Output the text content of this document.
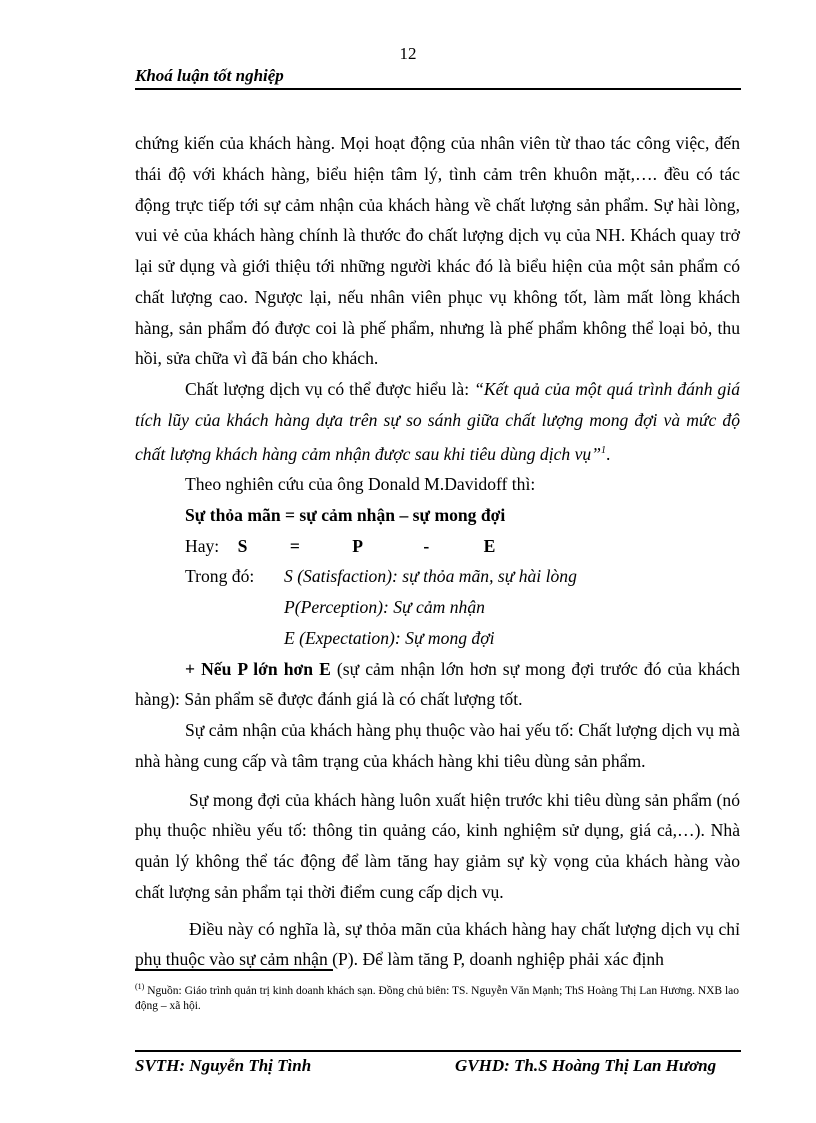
12
Khoá luận tốt nghiệp

chứng kiến của khách hàng. Mọi hoạt động của nhân viên từ thao tác công việc, đến thái độ với khách hàng, biểu hiện tâm lý, tình cảm trên khuôn mặt,…. đều có tác động trực tiếp tới sự cảm nhận của khách hàng về chất lượng sản phẩm. Sự hài lòng, vui vẻ của khách hàng chính là thước đo chất lượng dịch vụ của NH. Khách quay trở lại sử dụng và giới thiệu tới những người khác đó là biểu hiện của một sản phẩm có chất lượng cao. Ngược lại, nếu nhân viên phục vụ không tốt, làm mất lòng khách hàng, sản phẩm đó được coi là phế phẩm, nhưng là phế phẩm không thể loại bỏ, thu hồi, sửa chữa vì đã bán cho khách.

Chất lượng dịch vụ có thể được hiểu là: “Kết quả của một quá trình đánh giá tích lũy của khách hàng dựa trên sự so sánh giữa chất lượng mong đợi và mức độ chất lượng khách hàng cảm nhận được sau khi tiêu dùng dịch vụ”$^1$.

Theo nghiên cứu của ông Donald M.Davidoff thì:

Sự thỏa mãn = sự cảm nhận – sự mong đợi

Hay: S =	P	-	E
Trong đó: S (Satisfaction): sự thỏa mãn, sự hài lòng
P(Perception): Sự cảm nhận
E (Expectation): Sự mong đợi

+ Nếu P lớn hơn E (sự cảm nhận lớn hơn sự mong đợi trước đó của khách hàng): Sản phẩm sẽ được đánh giá là có chất lượng tốt.

Sự cảm nhận của khách hàng phụ thuộc vào hai yếu tố: Chất lượng dịch vụ mà nhà hàng cung cấp và tâm trạng của khách hàng khi tiêu dùng sản phẩm.

Sự mong đợi của khách hàng luôn xuất hiện trước khi tiêu dùng sản phẩm (nó phụ thuộc nhiều yếu tố: thông tin quảng cáo, kinh nghiệm sử dụng, giá cả,…). Nhà quản lý không thể tác động để làm tăng hay giảm sự kỳ vọng của khách hàng vào chất lượng sản phẩm tại thời điểm cung cấp dịch vụ.

Điều này có nghĩa là, sự thỏa mãn của khách hàng hay chất lượng dịch vụ chỉ phụ thuộc vào sự cảm nhận (P). Để làm tăng P, doanh nghiệp phải xác định

$^{(1)}$ Nguồn: Giáo trình quản trị kinh doanh khách sạn. Đồng chủ biên: TS. Nguyễn Văn Mạnh; ThS Hoàng Thị Lan Hương. NXB lao động – xã hội.
SVTH: Nguyễn Thị Tình	GVHD: Th.S Hoàng Thị Lan Hương
